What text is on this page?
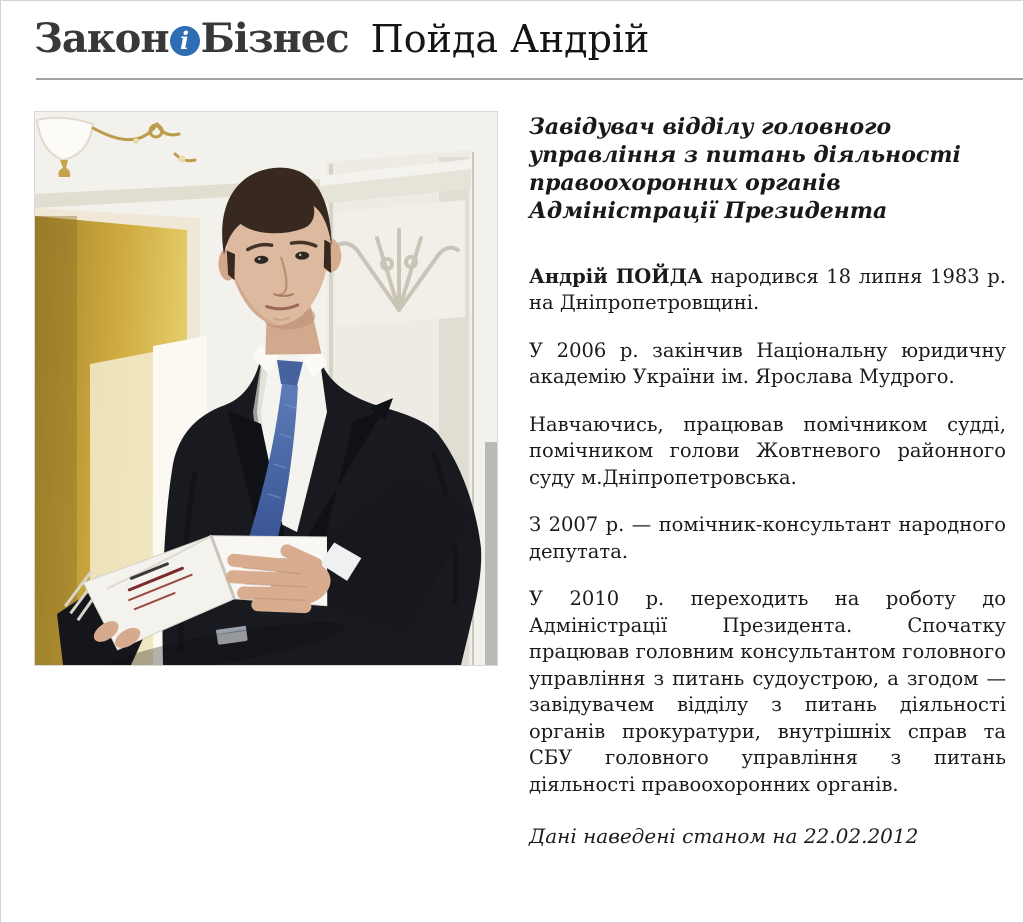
Закон і Бізнес Пойда Андрій
Завідувач відділу головного управління з питань діяльності правоохоронних органів Адміністрації Президента

Андрій ПОЙДА народився 18 липня 1983 р. на Дніпропетровщині.

У 2006 р. закінчив Національну юридичну академію України ім. Ярослава Мудрого.

Навчаючись, працював помічником судді, помічником голови Жовтневого районного суду м.Дніпропетровська.

З 2007 р. — помічник-консультант народного депутата.

У 2010 р. переходить на роботу до Адміністрації Президента. Спочатку працював головним консультантом головного управління з питань судоустрою, а згодом — завідувачем відділу з питань діяльності органів прокуратури, внутрішніх справ та СБУ головного управління з питань діяльності правоохоронних органів.

Дані наведені станом на 22.02.2012
